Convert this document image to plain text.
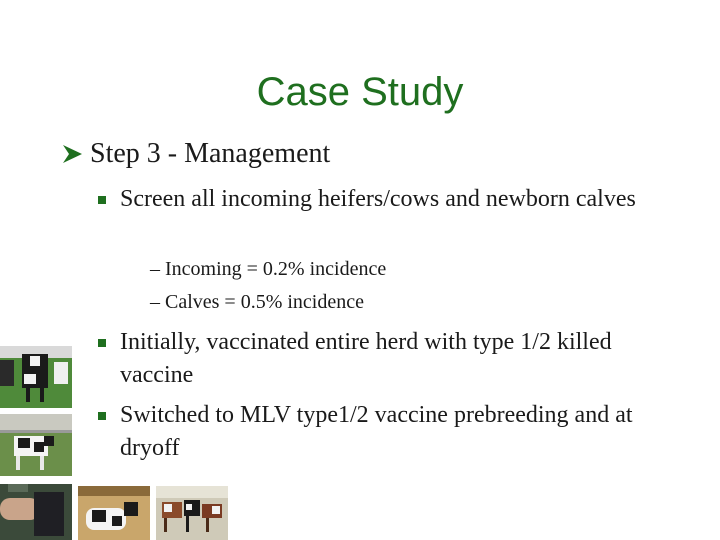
Case Study
Step 3 - Management
Screen all incoming heifers/cows and newborn calves
– Incoming = 0.2% incidence
– Calves = 0.5% incidence
Initially, vaccinated entire herd with type 1/2 killed vaccine
Switched to MLV type1/2 vaccine prebreeding and at dryoff
